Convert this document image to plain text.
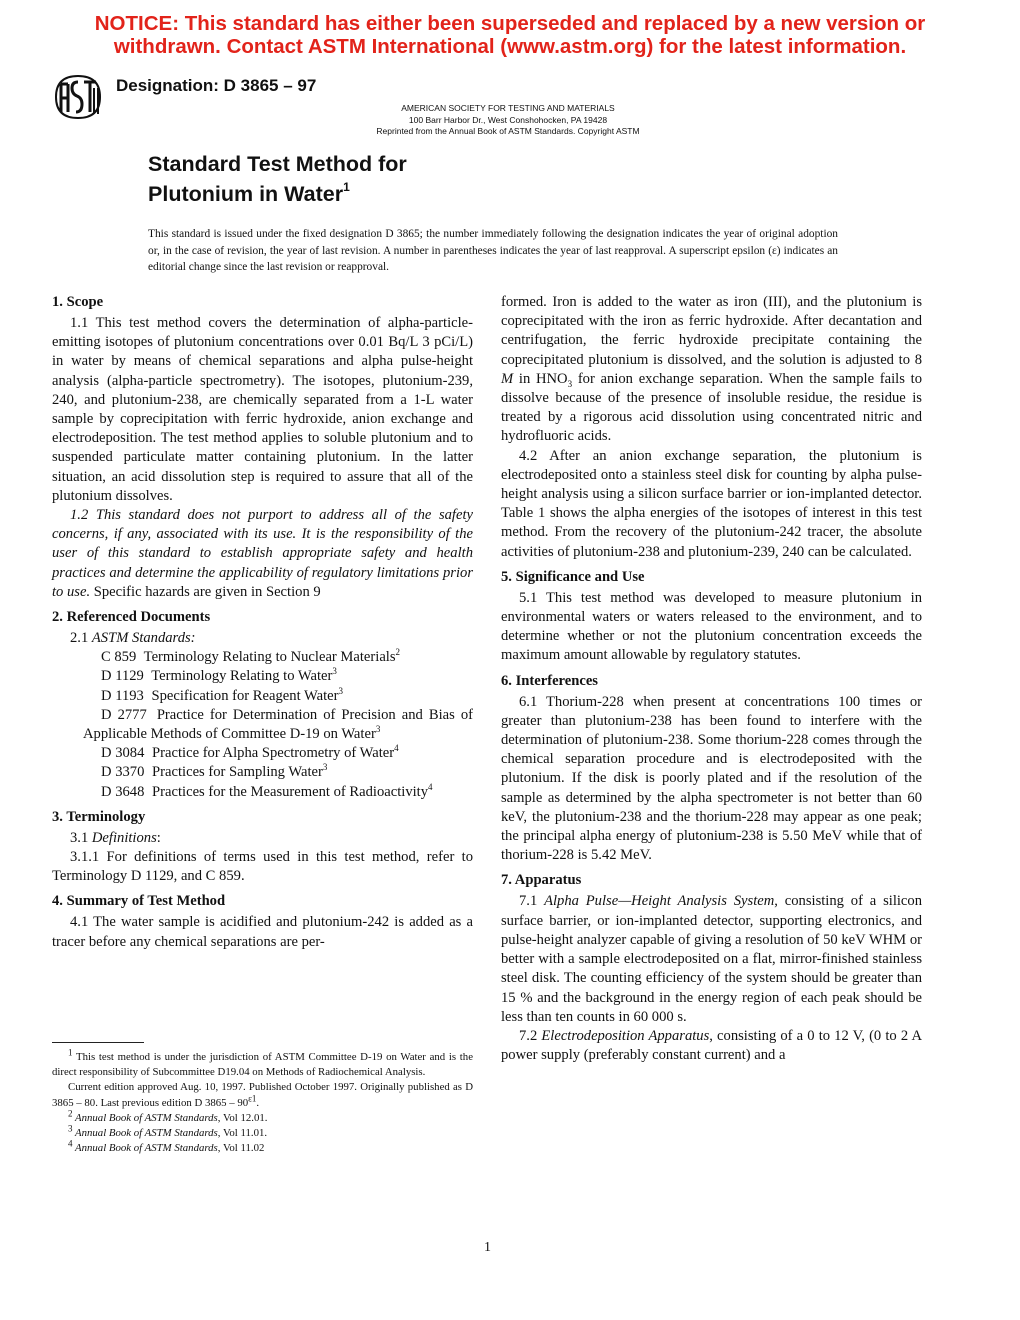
NOTICE: This standard has either been superseded and replaced by a new version or
withdrawn. Contact ASTM International (www.astm.org) for the latest information.
Designation: D 3865 – 97
AMERICAN SOCIETY FOR TESTING AND MATERIALS
100 Barr Harbor Dr., West Conshohocken, PA 19428
Reprinted from the Annual Book of ASTM Standards. Copyright ASTM
Standard Test Method for
Plutonium in Water$^1$
This standard is issued under the fixed designation D 3865; the number immediately following the designation indicates the year of original adoption or, in the case of revision, the year of last revision. A number in parentheses indicates the year of last reapproval. A superscript epsilon (ε) indicates an editorial change since the last revision or reapproval.
1. Scope

1.1 This test method covers the determination of alpha-particle-emitting isotopes of plutonium concentrations over 0.01 Bq/L 3 pCi/L) in water by means of chemical separations and alpha pulse-height analysis (alpha-particle spectrometry). The isotopes, plutonium-239, 240, and plutonium-238, are chemically separated from a 1-L water sample by coprecipitation with ferric hydroxide, anion exchange and electrodeposition. The test method applies to soluble plutonium and to suspended particulate matter containing plutonium. In the latter situation, an acid dissolution step is required to assure that all of the plutonium dissolves.

1.2 This standard does not purport to address all of the safety concerns, if any, associated with its use. It is the responsibility of the user of this standard to establish appropriate safety and health practices and determine the applicability of regulatory limitations prior to use. Specific hazards are given in Section 9

2. Referenced Documents

2.1 ASTM Standards:

C 859 Terminology Relating to Nuclear Materials$^2$

D 1129 Terminology Relating to Water$^3$

D 1193 Specification for Reagent Water$^3$

D 2777 Practice for Determination of Precision and Bias of Applicable Methods of Committee D-19 on Water$^3$

D 3084 Practice for Alpha Spectrometry of Water$^4$

D 3370 Practices for Sampling Water$^3$

D 3648 Practices for the Measurement of Radioactivity$^4$

3. Terminology

3.1 Definitions:

3.1.1 For definitions of terms used in this test method, refer to Terminology D 1129, and C 859.

4. Summary of Test Method

4.1 The water sample is acidified and plutonium-242 is added as a tracer before any chemical separations are per-

formed. Iron is added to the water as iron (III), and the plutonium is coprecipitated with the iron as ferric hydroxide. After decantation and centrifugation, the ferric hydroxide precipitate containing the coprecipitated plutonium is dissolved, and the solution is adjusted to 8 M in $HNO_3$ for anion exchange separation. When the sample fails to dissolve because of the presence of insoluble residue, the residue is treated by a rigorous acid dissolution using concentrated nitric and hydrofluoric acids.

4.2 After an anion exchange separation, the plutonium is electrodeposited onto a stainless steel disk for counting by alpha pulse-height analysis using a silicon surface barrier or ion-implanted detector. Table 1 shows the alpha energies of the isotopes of interest in this test method. From the recovery of the plutonium-242 tracer, the absolute activities of plutonium-238 and plutonium-239, 240 can be calculated.

5. Significance and Use

5.1 This test method was developed to measure plutonium in environmental waters or waters released to the environment, and to determine whether or not the plutonium concentration exceeds the maximum amount allowable by regulatory statutes.

6. Interferences

6.1 Thorium-228 when present at concentrations 100 times or greater than plutonium-238 has been found to interfere with the determination of plutonium-238. Some thorium-228 comes through the chemical separation procedure and is electrodeposited with the plutonium. If the disk is poorly plated and if the resolution of the sample as determined by the alpha spectrometer is not better than 60 keV, the plutonium-238 and the thorium-228 may appear as one peak; the principal alpha energy of plutonium-238 is 5.50 MeV while that of thorium-228 is 5.42 MeV.

7. Apparatus

7.1 Alpha Pulse—Height Analysis System, consisting of a silicon surface barrier, or ion-implanted detector, supporting electronics, and pulse-height analyzer capable of giving a resolution of 50 keV WHM or better with a sample electrodeposited on a flat, mirror-finished stainless steel disk. The counting efficiency of the system should be greater than 15 % and the background in the energy region of each peak should be less than ten counts in 60 000 s.

7.2 Electrodeposition Apparatus, consisting of a 0 to 12 V, (0 to 2 A power supply (preferably constant current) and a

$^1$ This test method is under the jurisdiction of ASTM Committee D-19 on Water and is the direct responsibility of Subcommittee D19.04 on Methods of Radiochemical Analysis.

Current edition approved Aug. 10, 1997. Published October 1997. Originally published as D 3865 – 80. Last previous edition D 3865 – 90$^{\varepsilon 1}$.

$^2$ Annual Book of ASTM Standards, Vol 12.01.

$^3$ Annual Book of ASTM Standards, Vol 11.01.

$^4$ Annual Book of ASTM Standards, Vol 11.02

1
